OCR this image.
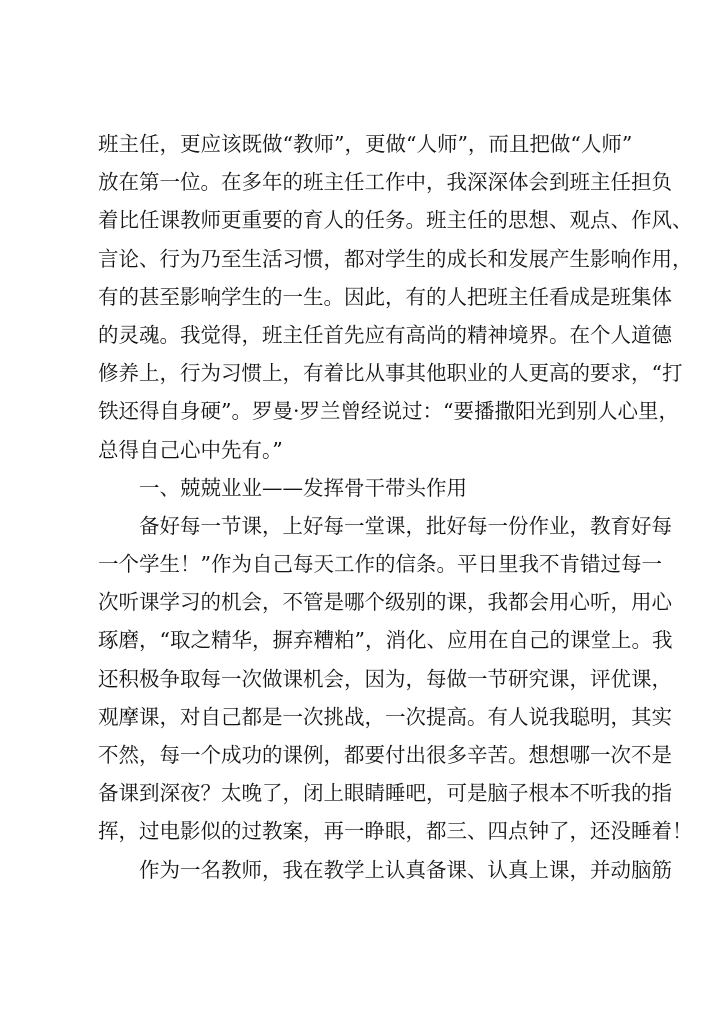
班主任，更应该既做“教师”，更做“人师”，而且把做“人师”
放在第一位。在多年的班主任工作中，我深深体会到班主任担负
着比任课教师更重要的育人的任务。班主任的思想、观点、作风、
言论、行为乃至生活习惯，都对学生的成长和发展产生影响作用，
有的甚至影响学生的一生。因此，有的人把班主任看成是班集体
的灵魂。我觉得，班主任首先应有高尚的精神境界。在个人道德
修养上，行为习惯上，有着比从事其他职业的人更高的要求，“打
铁还得自身硬”。罗曼·罗兰曾经说过：“要播撒阳光到别人心里，
总得自己心中先有。”
一、兢兢业业——发挥骨干带头作用
备好每一节课，上好每一堂课，批好每一份作业，教育好每
一个学生！”作为自己每天工作的信条。平日里我不肯错过每一
次听课学习的机会，不管是哪个级别的课，我都会用心听，用心
琢磨，“取之精华，摒弃糟粕”，消化、应用在自己的课堂上。我
还积极争取每一次做课机会，因为，每做一节研究课，评优课，
观摩课，对自己都是一次挑战，一次提高。有人说我聪明，其实
不然，每一个成功的课例，都要付出很多辛苦。想想哪一次不是
备课到深夜？太晚了，闭上眼睛睡吧，可是脑子根本不听我的指
挥，过电影似的过教案，再一睁眼，都三、四点钟了，还没睡着！
作为一名教师，我在教学上认真备课、认真上课，并动脑筋
